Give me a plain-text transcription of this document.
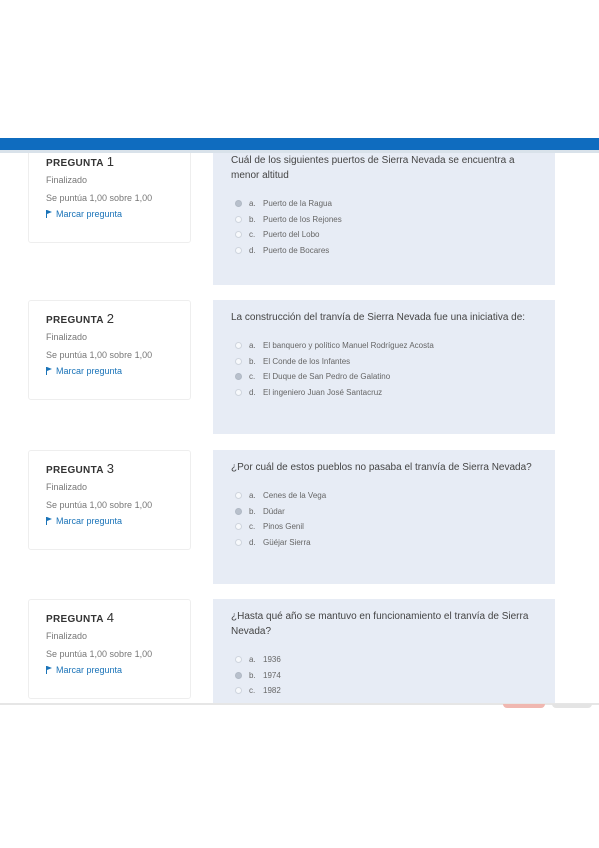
PREGUNTA 1
Finalizado
Se puntúa 1,00 sobre 1,00
Marcar pregunta
Cuál de los siguientes puertos de Sierra Nevada se encuentra a menor altitud
a. Puerto de la Ragua
b. Puerto de los Rejones
c. Puerto del Lobo
d. Puerto de Bocares
PREGUNTA 2
Finalizado
Se puntúa 1,00 sobre 1,00
Marcar pregunta
La construcción del tranvía de Sierra Nevada fue una iniciativa de:
a. El banquero y político Manuel Rodríguez Acosta
b. El Conde de los Infantes
c. El Duque de San Pedro de Galatino
d. El ingeniero Juan José Santacruz
PREGUNTA 3
Finalizado
Se puntúa 1,00 sobre 1,00
Marcar pregunta
¿Por cuál de estos pueblos no pasaba el tranvía de Sierra Nevada?
a. Cenes de la Vega
b. Dúdar
c. Pinos Genil
d. Güéjar Sierra
PREGUNTA 4
Finalizado
Se puntúa 1,00 sobre 1,00
Marcar pregunta
¿Hasta qué año se mantuvo en funcionamiento el tranvía de Sierra Nevada?
a. 1936
b. 1974
c. 1982
